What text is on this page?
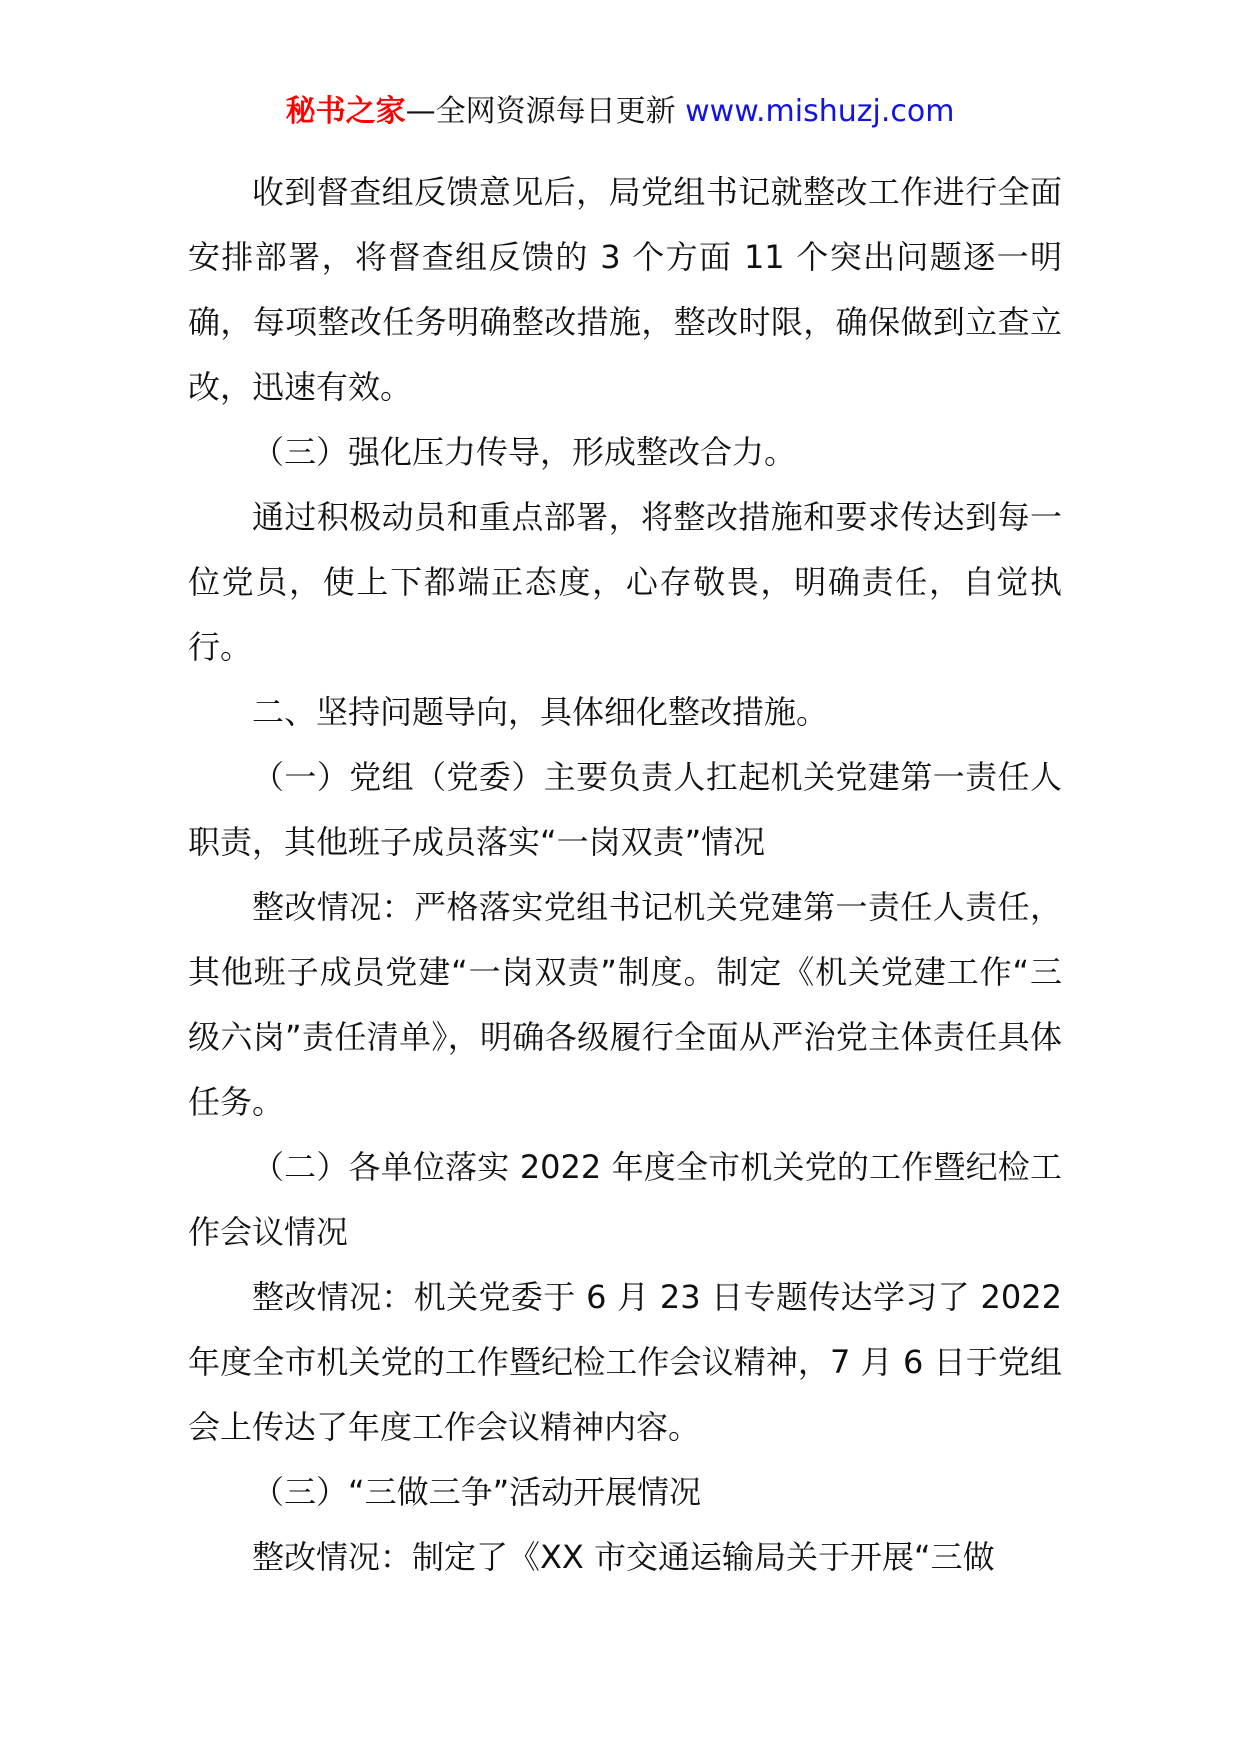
秘书之家—全网资源每日更新 www.mishuzj.com

收到督查组反馈意见后，局党组书记就整改工作进行全面安排部署，将督查组反馈的 3 个方面 11 个突出问题逐一明确，每项整改任务明确整改措施，整改时限，确保做到立查立改，迅速有效。

（三）强化压力传导，形成整改合力。

通过积极动员和重点部署，将整改措施和要求传达到每一位党员，使上下都端正态度，心存敬畏，明确责任，自觉执行。

二、坚持问题导向，具体细化整改措施。

（一）党组（党委）主要负责人扛起机关党建第一责任人职责，其他班子成员落实“一岗双责”情况

整改情况：严格落实党组书记机关党建第一责任人责任，其他班子成员党建“一岗双责”制度。制定《机关党建工作“三级六岗”责任清单》，明确各级履行全面从严治党主体责任具体任务。

（二）各单位落实 2022 年度全市机关党的工作暨纪检工作会议情况

整改情况：机关党委于 6 月 23 日专题传达学习了 2022 年度全市机关党的工作暨纪检工作会议精神，7 月 6 日于党组会上传达了年度工作会议精神内容。

（三）“三做三争”活动开展情况

整改情况：制定了《XX 市交通运输局关于开展“三做
